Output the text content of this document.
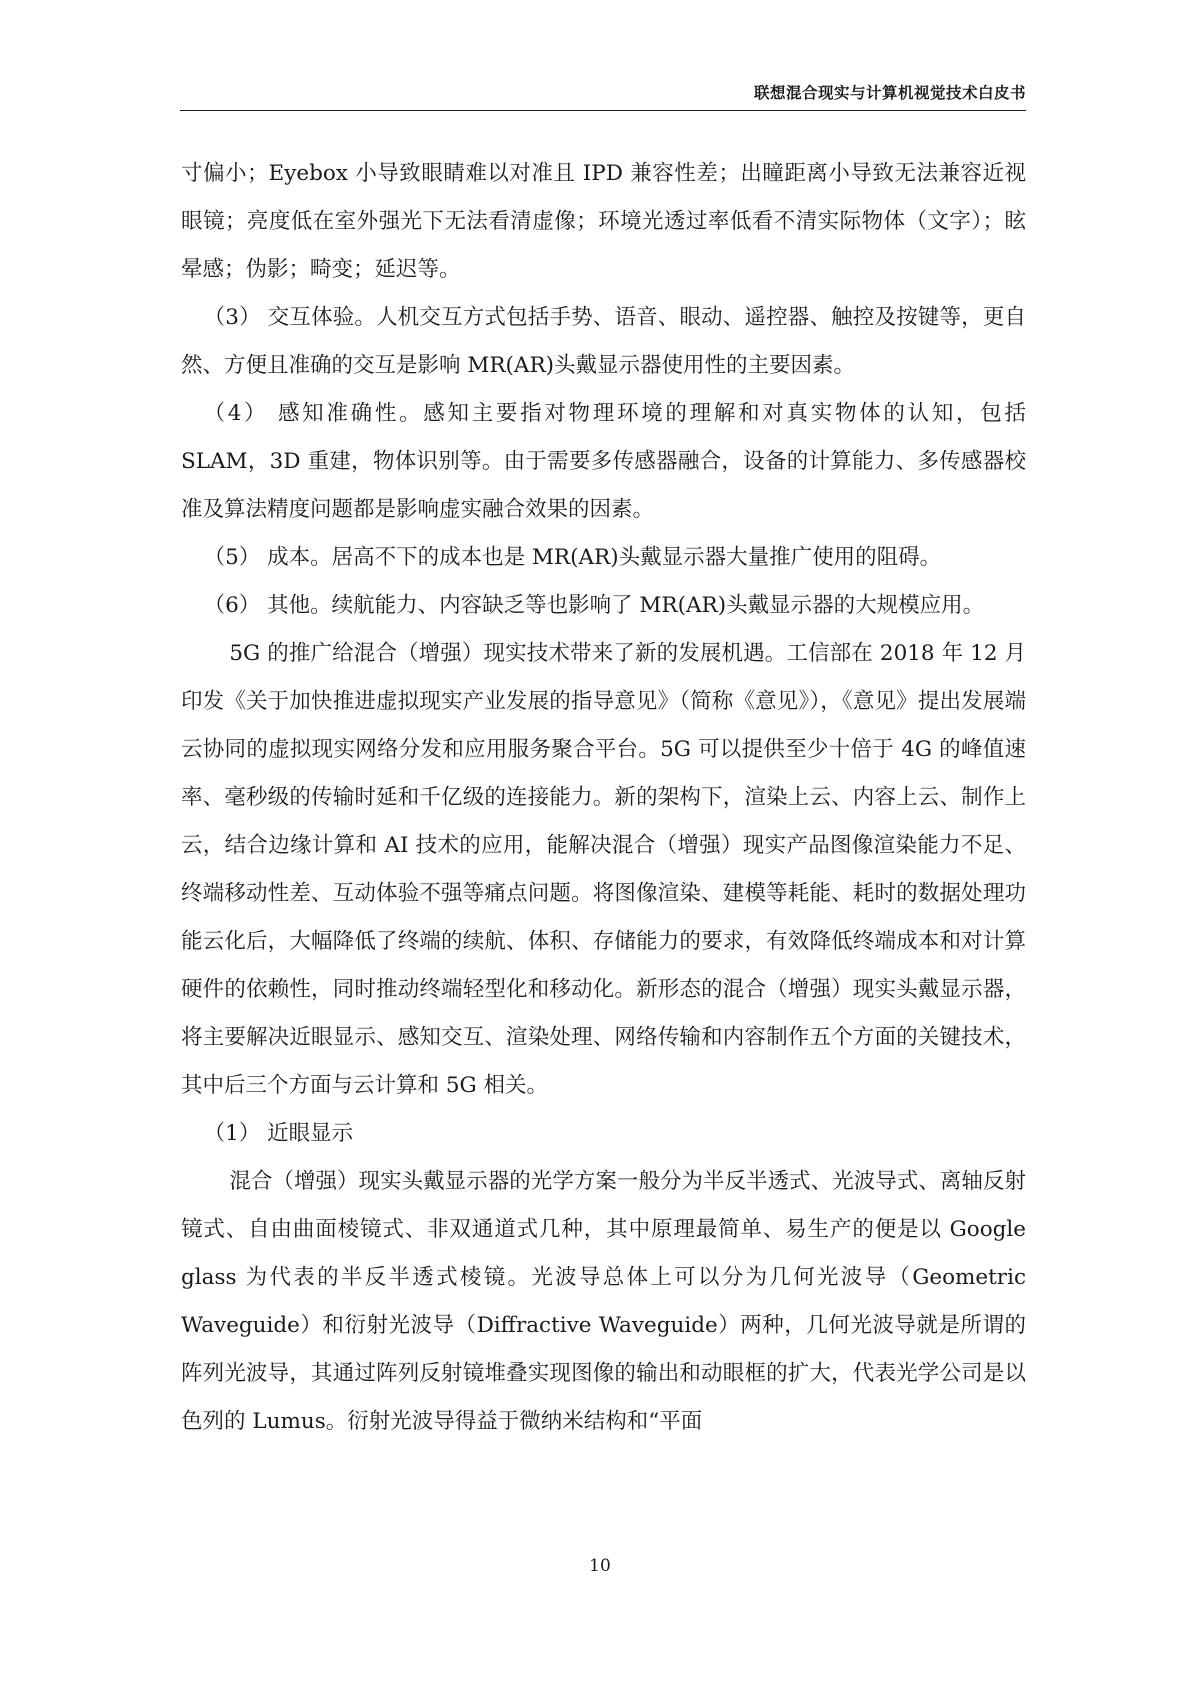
联想混合现实与计算机视觉技术白皮书

寸偏小；Eyebox 小导致眼睛难以对准且 IPD 兼容性差；出瞳距离小导致无法兼容近视眼镜；亮度低在室外强光下无法看清虚像；环境光透过率低看不清实际物体（文字）；眩晕感；伪影；畸变；延迟等。

（3） 交互体验。人机交互方式包括手势、语音、眼动、遥控器、触控及按键等，更自然、方便且准确的交互是影响 MR(AR)头戴显示器使用性的主要因素。

（4） 感知准确性。感知主要指对物理环境的理解和对真实物体的认知，包括 SLAM，3D 重建，物体识别等。由于需要多传感器融合，设备的计算能力、多传感器校准及算法精度问题都是影响虚实融合效果的因素。

（5） 成本。居高不下的成本也是 MR(AR)头戴显示器大量推广使用的阻碍。

（6） 其他。续航能力、内容缺乏等也影响了 MR(AR)头戴显示器的大规模应用。

5G 的推广给混合（增强）现实技术带来了新的发展机遇。工信部在 2018 年 12 月印发《关于加快推进虚拟现实产业发展的指导意见》（简称《意见》），《意见》提出发展端云协同的虚拟现实网络分发和应用服务聚合平台。5G 可以提供至少十倍于 4G 的峰值速率、毫秒级的传输时延和千亿级的连接能力。新的架构下，渲染上云、内容上云、制作上云，结合边缘计算和 AI 技术的应用，能解决混合（增强）现实产品图像渲染能力不足、终端移动性差、互动体验不强等痛点问题。将图像渲染、建模等耗能、耗时的数据处理功能云化后，大幅降低了终端的续航、体积、存储能力的要求，有效降低终端成本和对计算硬件的依赖性，同时推动终端轻型化和移动化。新形态的混合（增强）现实头戴显示器，将主要解决近眼显示、感知交互、渲染处理、网络传输和内容制作五个方面的关键技术，其中后三个方面与云计算和 5G 相关。

（1） 近眼显示

混合（增强）现实头戴显示器的光学方案一般分为半反半透式、光波导式、离轴反射镜式、自由曲面棱镜式、非双通道式几种，其中原理最简单、易生产的便是以 Google glass 为代表的半反半透式棱镜。光波导总体上可以分为几何光波导（Geometric Waveguide）和衍射光波导（Diffractive Waveguide）两种，几何光波导就是所谓的阵列光波导，其通过阵列反射镜堆叠实现图像的输出和动眼框的扩大，代表光学公司是以色列的 Lumus。衍射光波导得益于微纳米结构和“平面

10
